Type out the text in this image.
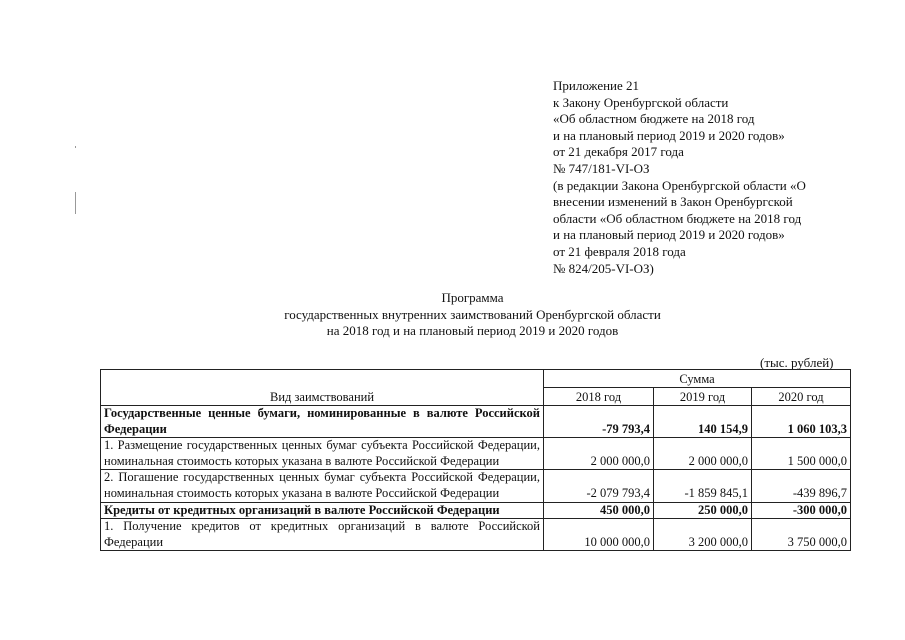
Приложение 21
к Закону Оренбургской области
«Об областном бюджете на 2018 год
и на плановый период 2019 и 2020 годов»
от 21 декабря 2017 года
№ 747/181-VI-ОЗ
(в редакции Закона Оренбургской области «О
внесении изменений в Закон Оренбургской
области «Об областном бюджете на 2018 год
и на плановый период 2019 и 2020 годов»
от 21 февраля 2018 года
№ 824/205-VI-ОЗ)
Программа
государственных внутренних заимствований Оренбургской области
на 2018 год и на плановый период 2019 и 2020 годов
(тыс. рублей)
Вид заимствований	Сумма		
	2018 год	2019 год	2020 год
Государственные ценные бумаги, номинированные в валюте Российской Федерации	-79 793,4	140 154,9	1 060 103,3
1. Размещение государственных ценных бумаг субъекта Российской Федерации, номинальная стоимость которых указана в валюте Российской Федерации	2 000 000,0	2 000 000,0	1 500 000,0
2. Погашение государственных ценных бумаг субъекта Российской Федерации, номинальная стоимость которых указана в валюте Российской Федерации	-2 079 793,4	-1 859 845,1	-439 896,7
Кредиты от кредитных организаций в валюте Российской Федерации	450 000,0	250 000,0	-300 000,0
1. Получение кредитов от кредитных организаций в валюте Российской Федерации	10 000 000,0	3 200 000,0	3 750 000,0
